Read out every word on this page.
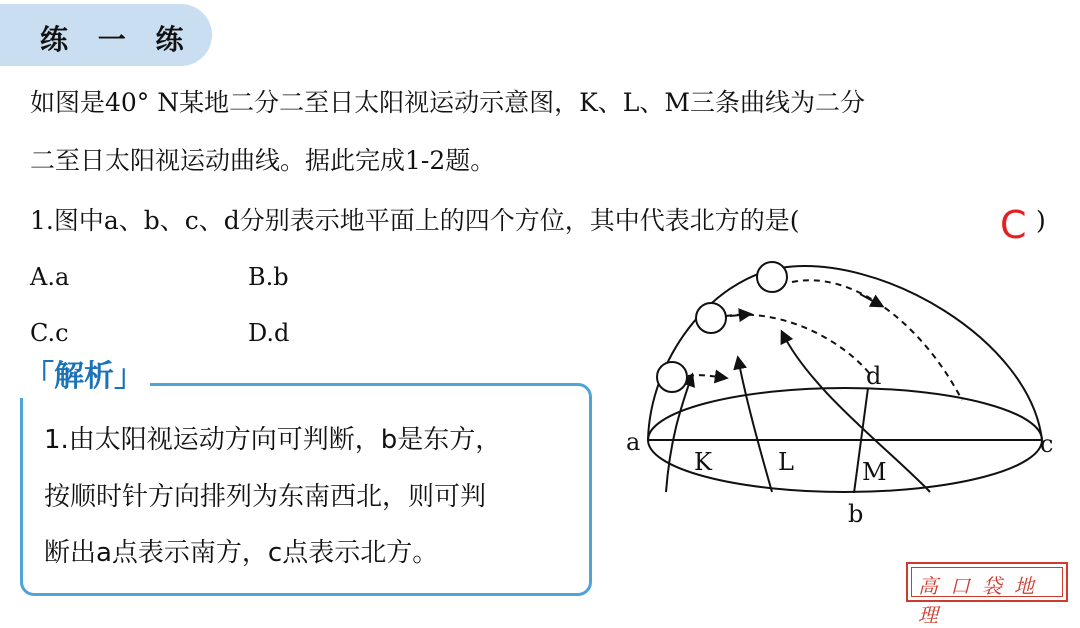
练 一 练
如图是40° N某地二分二至日太阳视运动示意图，K、L、M三条曲线为二分
二至日太阳视运动曲线。据此完成1-2题。
1.图中a、b、c、d分别表示地平面上的四个方位，其中代表北方的是(	C )
A.a	B.b
C.c	D.d
「解析」
1.由太阳视运动方向可判断，b是东方，
按顺时针方向排列为东南西北，则可判
断出a点表示南方，c点表示北方。
a
b
c
d
K	L	M
高口袋地理
